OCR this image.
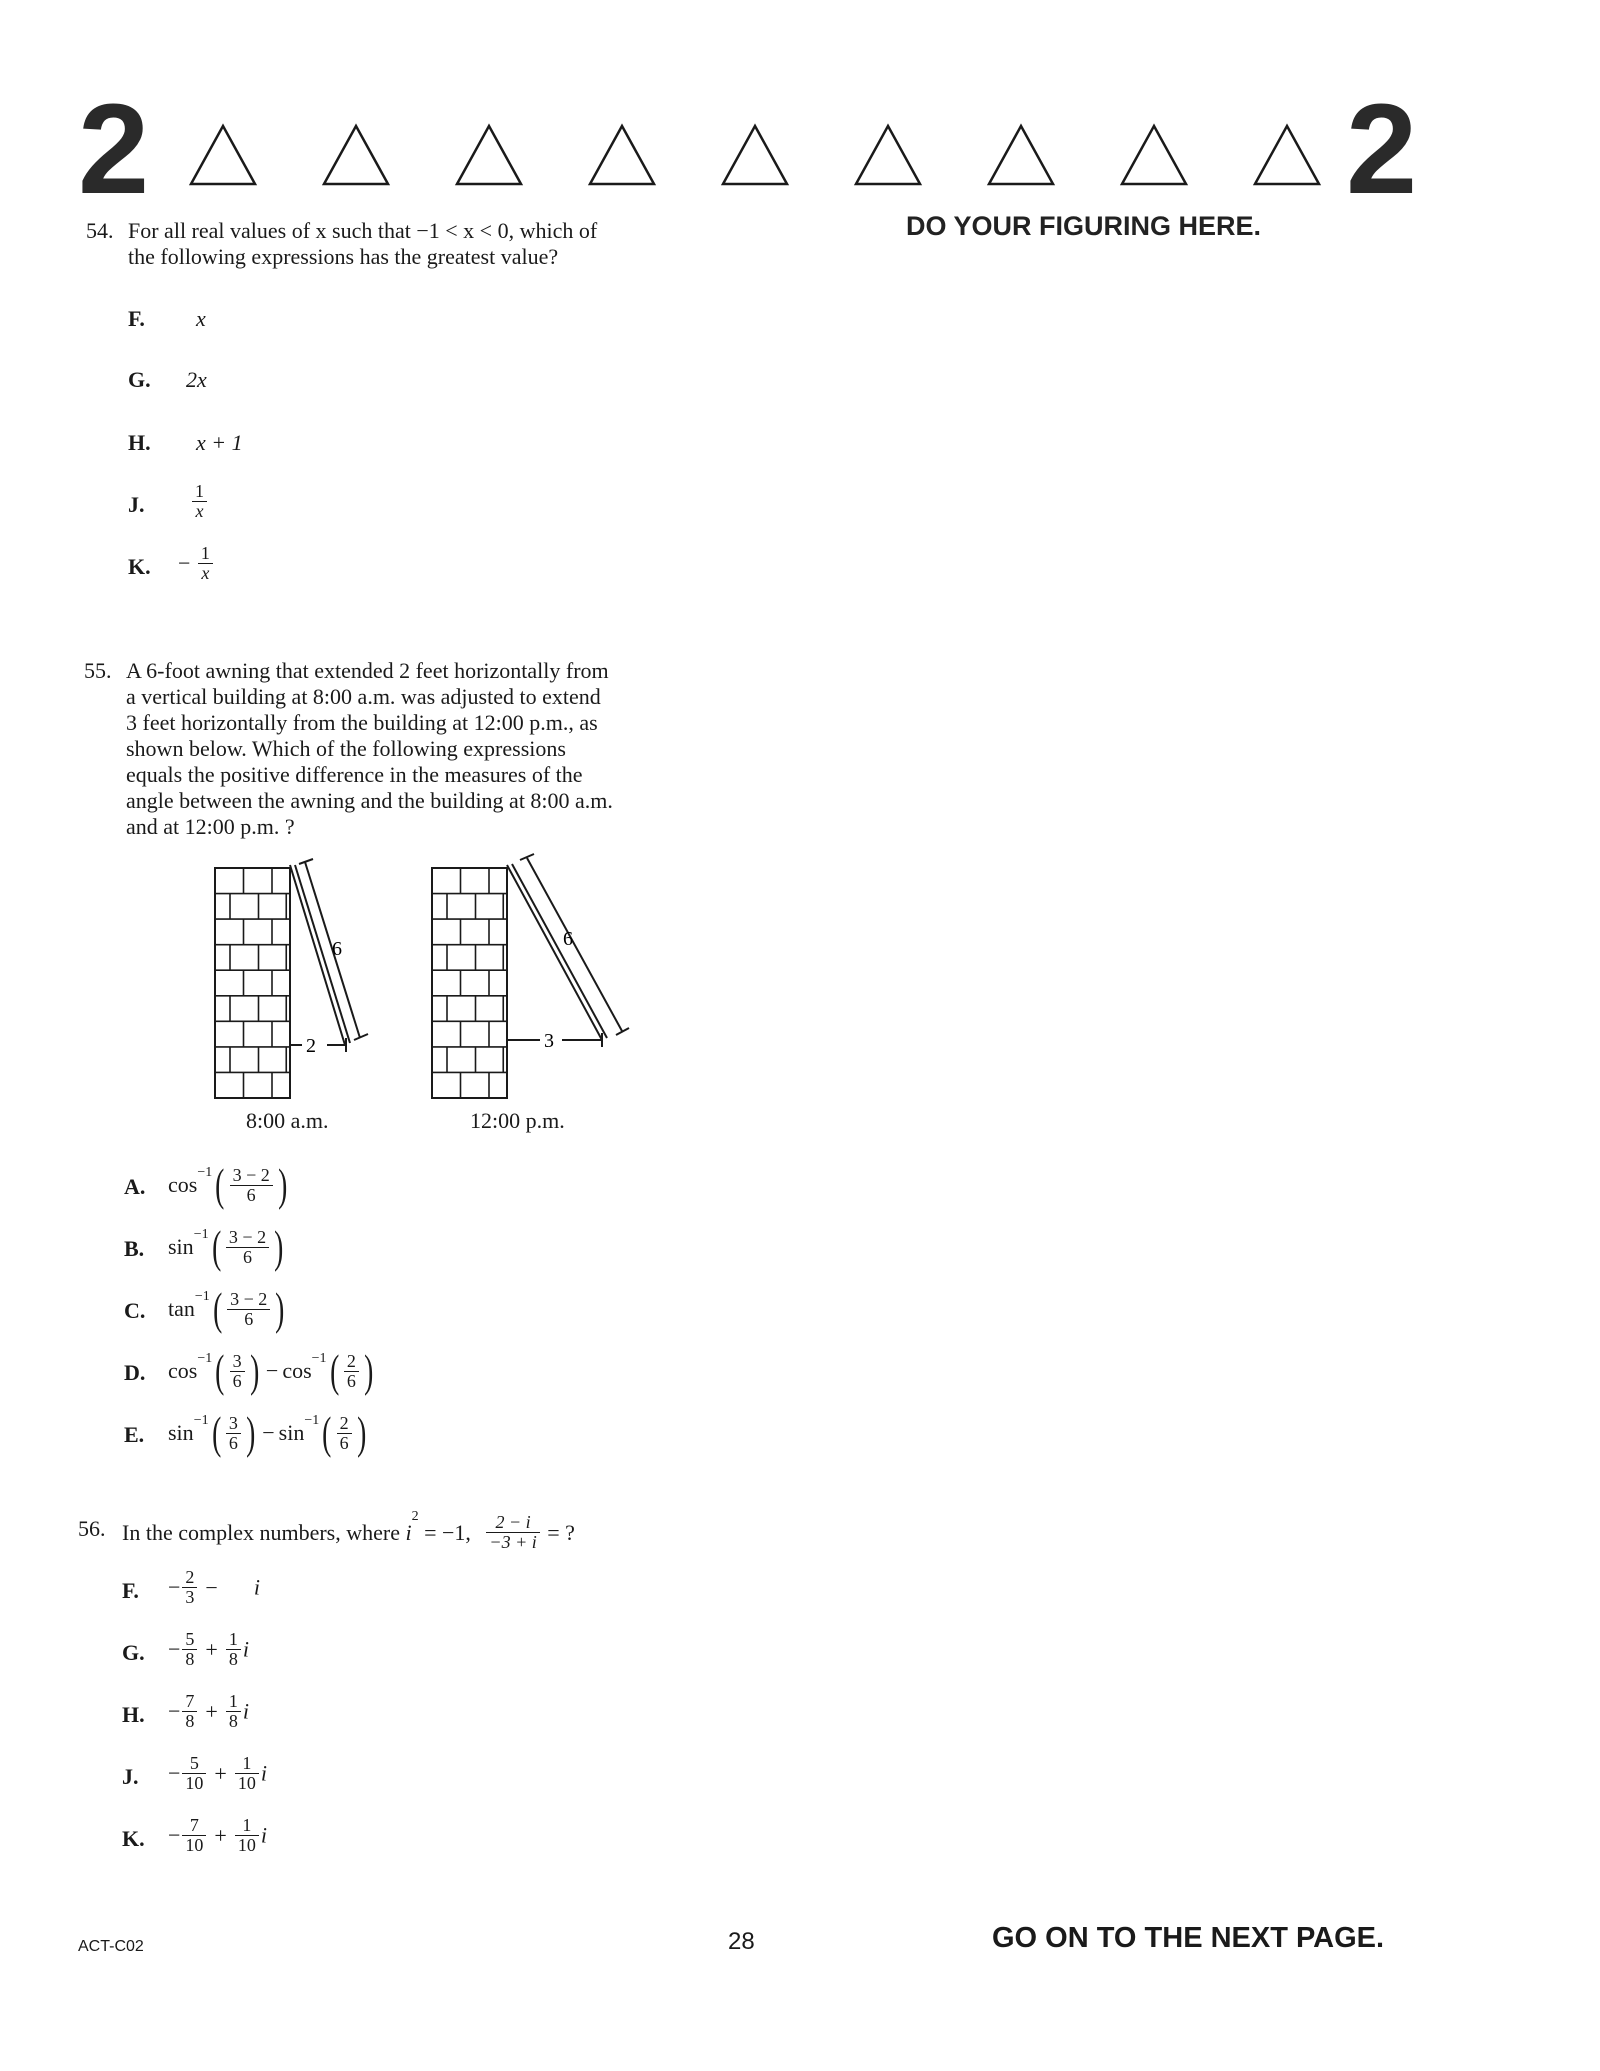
2	2
DO YOUR FIGURING HERE.
54. For all real values of x such that −1 < x < 0, which of
the following expressions has the greatest value?
F. x
G. 2x
H. x + 1
J.	$\frac{1}{x}$
K. − $\frac{1}{x}$
55. A 6-foot awning that extended 2 feet horizontally from
a vertical building at 8:00 a.m. was adjusted to extend
3 feet horizontally from the building at 12:00 p.m., as
shown below. Which of the following expressions
equals the positive difference in the measures of the
angle between the awning and the building at 8:00 a.m.
and at 12:00 p.m. ?
6
2
6
3
8:00 a.m.	12:00 p.m.
A. $\cos^{-1}( \frac{3 - 2}{6}$ )
B. $\sin^{-1}( \frac{3 - 2}{6}$ )
C. $\tan^{-1}( \frac{3 - 2}{6}$ )
D. $\cos^{-1}( \frac{3}{6}$ ) − $\cos^{-1}( \frac{2}{6}$ )
E. $\sin^{-1}( \frac{3}{6}$ ) − $\sin^{-1}( \frac{2}{6}$ )
56. In the complex numbers, where $i^2 = -1$, $\frac{2 - i}{-3 + i}$ = ?
F. − $\frac{2}{3} - i$
G. − $\frac{5}{8} + \frac{1}{8}$ i
H. − $\frac{7}{8} + \frac{1}{8}$ i
J. − $\frac{5}{10} + \frac{1}{10}$ i
K. − $\frac{7}{10} + \frac{1}{10}$ i
ACT-C02	28	GO ON TO THE NEXT PAGE.
